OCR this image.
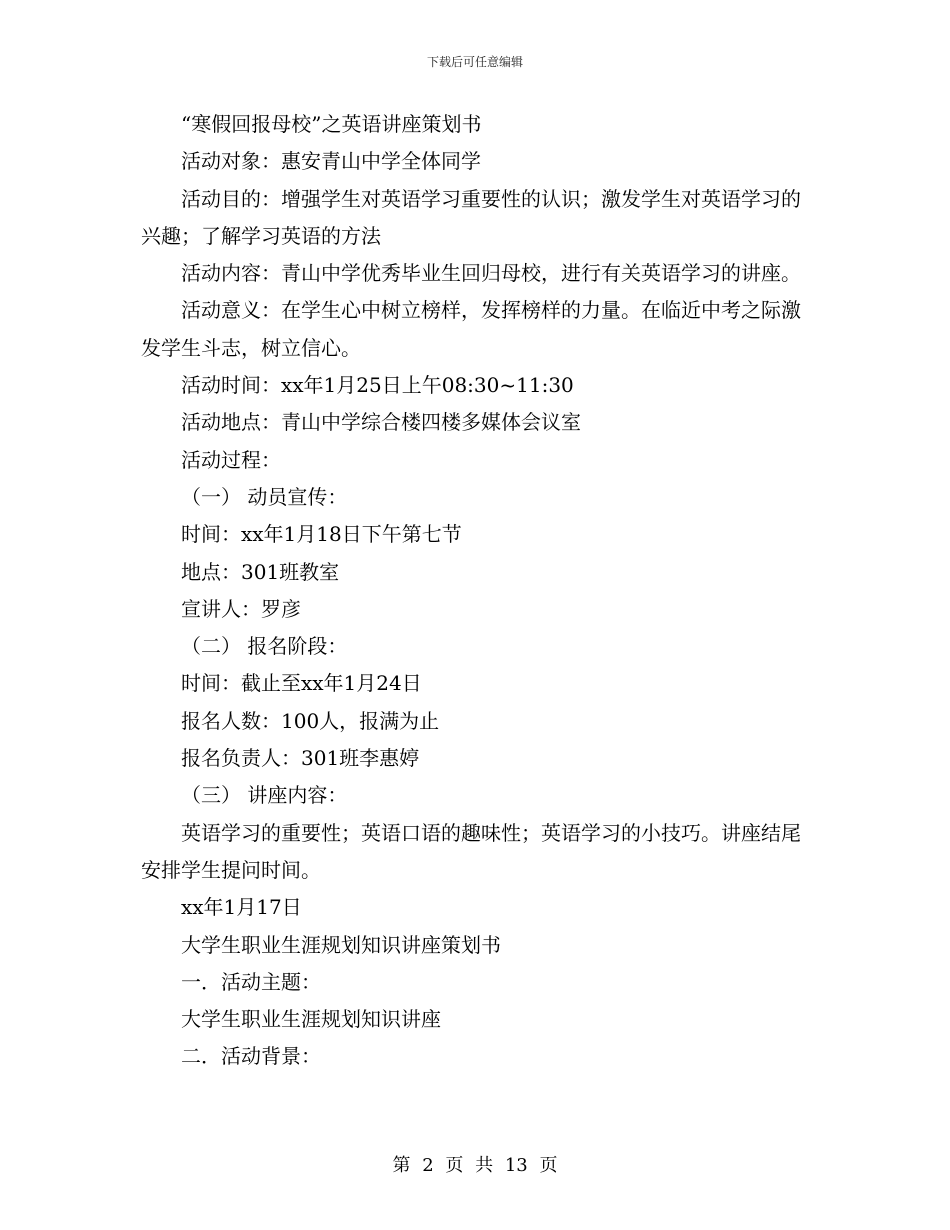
下载后可任意编辑

“寒假回报母校”之英语讲座策划书

活动对象：惠安青山中学全体同学

活动目的：增强学生对英语学习重要性的认识；激发学生对英语学习的兴趣；了解学习英语的方法

活动内容：青山中学优秀毕业生回归母校，进行有关英语学习的讲座。

活动意义：在学生心中树立榜样，发挥榜样的力量。在临近中考之际激发学生斗志，树立信心。

活动时间：xx年1月25日上午08:30~11:30

活动地点：青山中学综合楼四楼多媒体会议室

活动过程：

（一） 动员宣传：

时间：xx年1月18日下午第七节

地点：301班教室

宣讲人：罗彦

（二） 报名阶段：

时间：截止至xx年1月24日

报名人数：100人，报满为止

报名负责人：301班李惠婷

（三） 讲座内容：

英语学习的重要性；英语口语的趣味性；英语学习的小技巧。讲座结尾安排学生提问时间。

xx年1月17日

大学生职业生涯规划知识讲座策划书

一．活动主题：

大学生职业生涯规划知识讲座

二．活动背景：

第 2 页 共 13 页
